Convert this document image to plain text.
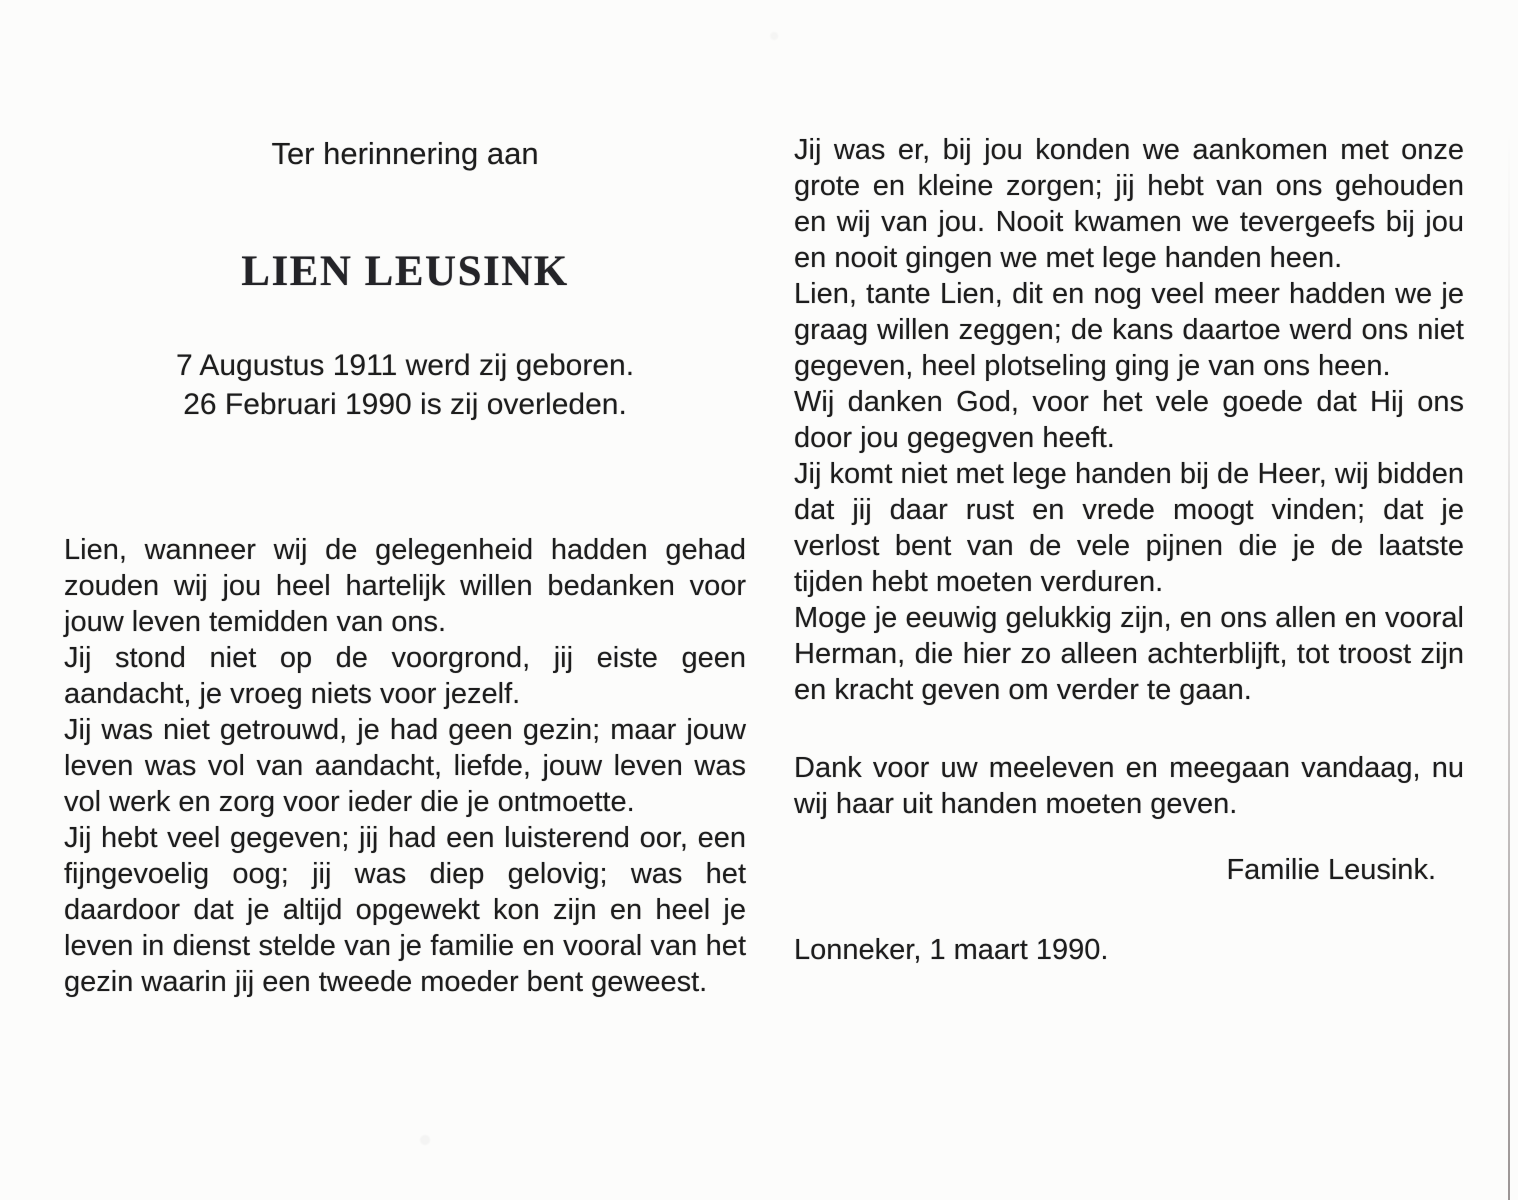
Ter herinnering aan
LIEN LEUSINK
7 Augustus 1911 werd zij geboren.
26 Februari 1990 is zij overleden.

Lien, wanneer wij de gelegenheid hadden gehad zouden wij jou heel hartelijk willen bedanken voor jouw leven temidden van ons.

Jij stond niet op de voorgrond, jij eiste geen aandacht, je vroeg niets voor jezelf.

Jij was niet getrouwd, je had geen gezin; maar jouw leven was vol van aandacht, liefde, jouw leven was vol werk en zorg voor ieder die je ontmoette.

Jij hebt veel gegeven; jij had een luisterend oor, een fijngevoelig oog; jij was diep gelovig; was het daardoor dat je altijd opgewekt kon zijn en heel je leven in dienst stelde van je familie en vooral van het gezin waarin jij een tweede moeder bent geweest.

Jij was er, bij jou konden we aankomen met onze grote en kleine zorgen; jij hebt van ons gehouden en wij van jou. Nooit kwamen we tevergeefs bij jou en nooit gingen we met lege handen heen.

Lien, tante Lien, dit en nog veel meer hadden we je graag willen zeggen; de kans daartoe werd ons niet gegeven, heel plotseling ging je van ons heen.

Wij danken God, voor het vele goede dat Hij ons door jou gegegven heeft.

Jij komt niet met lege handen bij de Heer, wij bidden dat jij daar rust en vrede moogt vinden; dat je verlost bent van de vele pijnen die je de laatste tijden hebt moeten verduren.

Moge je eeuwig gelukkig zijn, en ons allen en vooral Herman, die hier zo alleen achterblijft, tot troost zijn en kracht geven om verder te gaan.

Dank voor uw meeleven en meegaan vandaag, nu wij haar uit handen moeten geven.

Familie Leusink.

Lonneker, 1 maart 1990.
